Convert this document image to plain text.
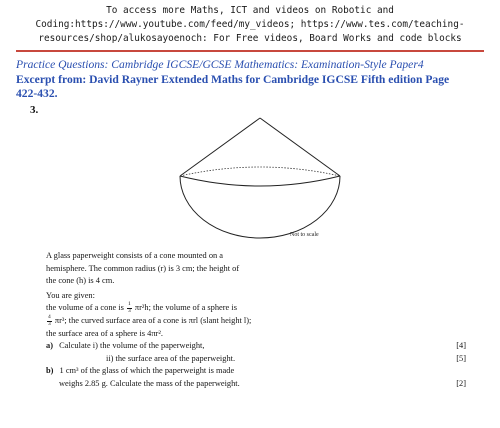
To access more Maths, ICT and videos on Robotic and
Coding:https://www.youtube.com/feed/my_videos; https://www.tes.com/teaching-
resources/shop/alukosayoenoch: For Free videos, Board Works and code blocks
Practice Questions: Cambridge IGCSE/GCSE Mathematics: Examination-Style Paper4
Excerpt from: David Rayner Extended Maths for Cambridge IGCSE Fifth edition Page
422-432.
3.
Not to scale

A glass paperweight consists of a cone mounted on a

hemisphere. The common radius (r) is 3 cm; the height of

the cone (h) is 4 cm.

You are given:

the volume of a cone is $\frac{1}{3} \pi r^2h$; the volume of a sphere is

$\frac{4}{3} \pi r^3$; the curved surface area of a cone is πrl (slant height l);

the surface area of a sphere is 4πr².

a) Calculate i) the volume of the paperweight,	[4]
ii) the surface area of the paperweight.	[5]
b) 1 cm³ of the glass of which the paperweight is made
weighs 2.85 g. Calculate the mass of the paperweight.	[2]
